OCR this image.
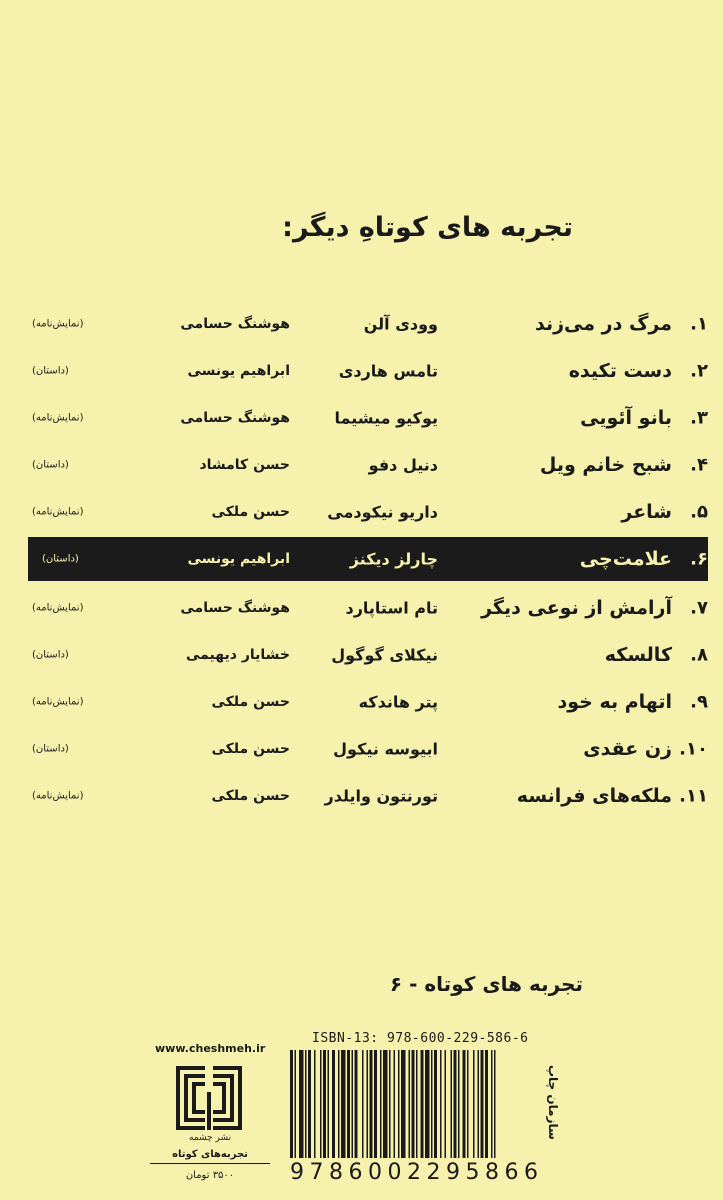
تجربه های کوتاهِ دیگر:
۱.
مرگ در می‌زند
وودی آلن
هوشنگ حسامی
(نمایش‌نامه)
۲.
دست تکیده
تامس هاردی
ابراهیم یونسی
(داستان)
۳.
بانو آئویی
یوکیو میشیما
هوشنگ حسامی
(نمایش‌نامه)
۴.
شبح خانم ویل
دنیل دفو
حسن کامشاد
(داستان)
۵.
شاعر
داریو نیکودمی
حسن ملکی
(نمایش‌نامه)
۶.
علامت‌چی
چارلز دیکنز
ابراهیم یونسی
(داستان)
۷.
آرامش از نوعی دیگر
تام استاپارد
هوشنگ حسامی
(نمایش‌نامه)
۸.
کالسکه
نیکلای گوگول
خشایار دیهیمی
(داستان)
۹.
اتهام به خود
پتر هاندکه
حسن ملکی
(نمایش‌نامه)
۱۰.
زن عقدی
ابیوسه نیکول
حسن ملکی
(داستان)
۱۱.
ملکه‌های فرانسه
تورنتون وایلدر
حسن ملکی
(نمایش‌نامه)
تجربه های کوتاه - ۶
www.cheshmeh.ir
نشر چشمه
تجربه‌های کوتاه
۳۵۰۰ تومان
ISBN-13: 978-600-229-586-6
9786002295866
سازمان چاپ
